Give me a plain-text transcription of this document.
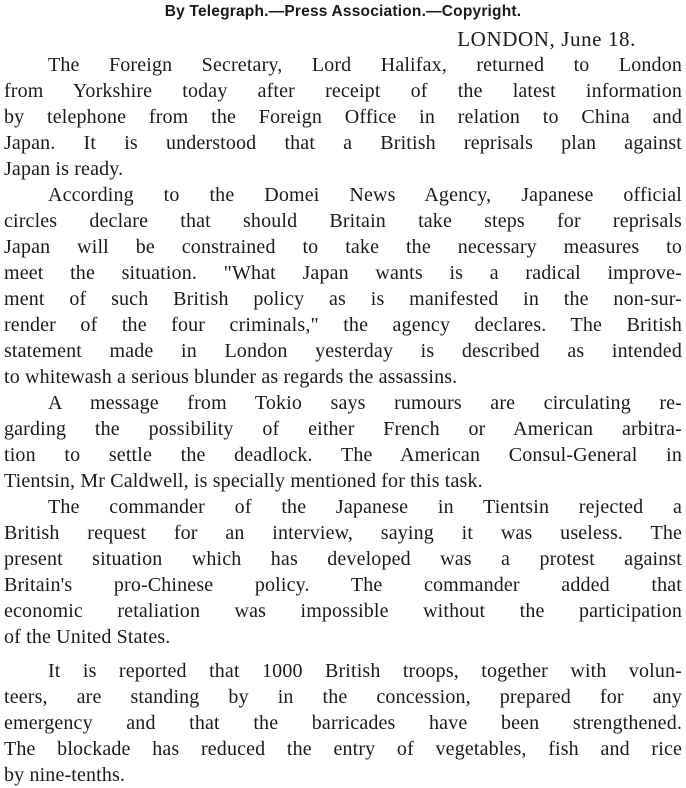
By Telegraph.—Press Association.—Copyright.

LONDON, June 18.

The Foreign Secretary, Lord Halifax, returned to London
from Yorkshire today after receipt of the latest information
by telephone from the Foreign Office in relation to China and
Japan. It is understood that a British reprisals plan against
Japan is ready.
According to the Domei News Agency, Japanese official
circles declare that should Britain take steps for reprisals
Japan will be constrained to take the necessary measures to
meet the situation. "What Japan wants is a radical improve-
ment of such British policy as is manifested in the non-sur-
render of the four criminals," the agency declares. The British
statement made in London yesterday is described as intended
to whitewash a serious blunder as regards the assassins.
A message from Tokio says rumours are circulating re-
garding the possibility of either French or American arbitra-
tion to settle the deadlock. The American Consul-General in
Tientsin, Mr Caldwell, is specially mentioned for this task.
The commander of the Japanese in Tientsin rejected a
British request for an interview, saying it was useless. The
present situation which has developed was a protest against
Britain's pro-Chinese policy. The commander added that
economic retaliation was impossible without the participation
of the United States.
It is reported that 1000 British troops, together with volun-
teers, are standing by in the concession, prepared for any
emergency and that the barricades have been strengthened.
The blockade has reduced the entry of vegetables, fish and rice
by nine-tenths.
